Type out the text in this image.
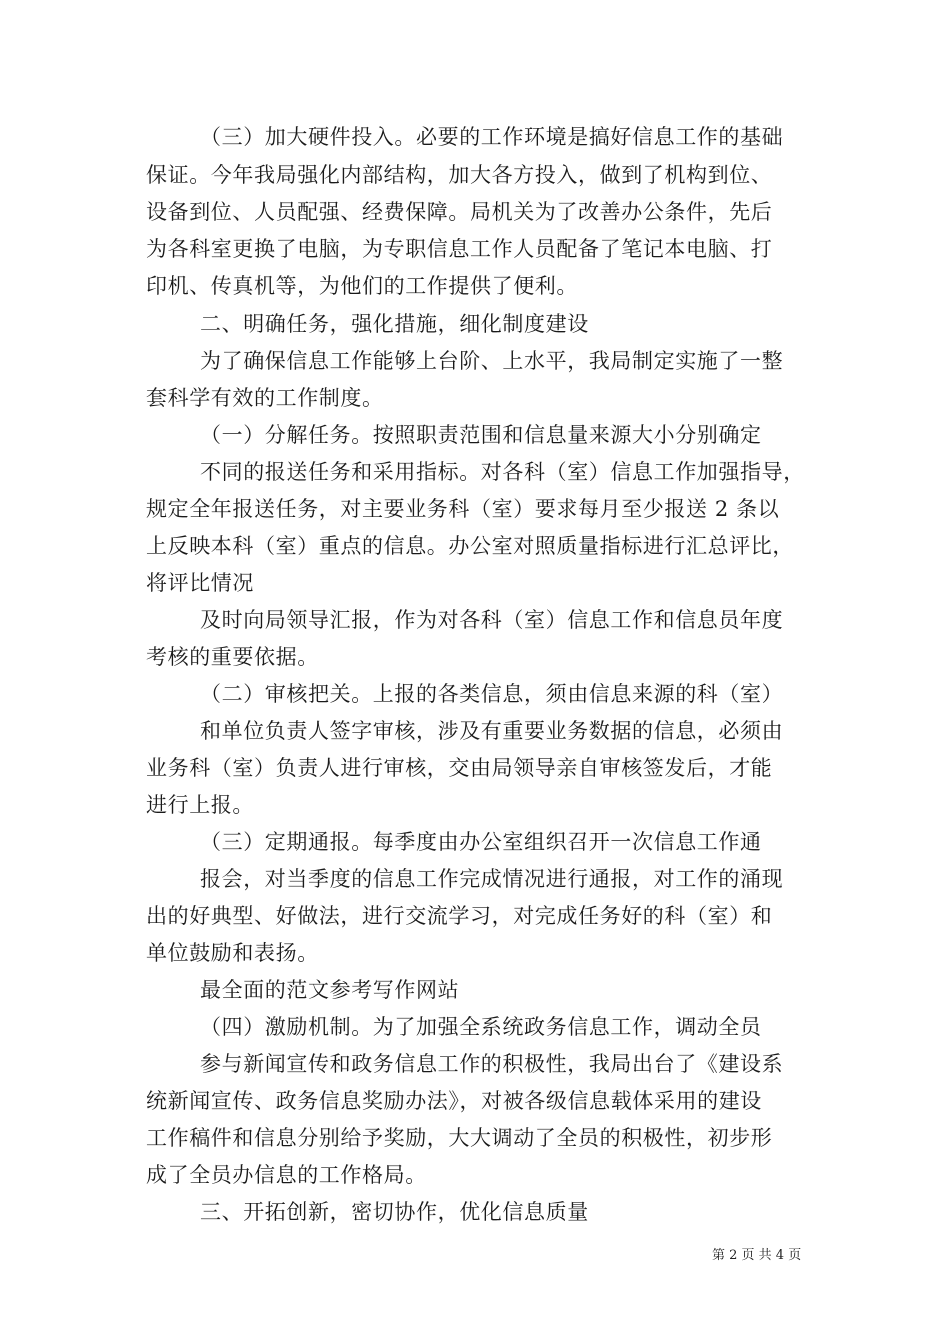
（三）加大硬件投入。必要的工作环境是搞好信息工作的基础
保证。今年我局强化内部结构，加大各方投入，做到了机构到位、
设备到位、人员配强、经费保障。局机关为了改善办公条件，先后
为各科室更换了电脑，为专职信息工作人员配备了笔记本电脑、打
印机、传真机等，为他们的工作提供了便利。
二、明确任务，强化措施，细化制度建设
为了确保信息工作能够上台阶、上水平，我局制定实施了一整
套科学有效的工作制度。
（一）分解任务。按照职责范围和信息量来源大小分别确定
不同的报送任务和采用指标。对各科（室）信息工作加强指导，
规定全年报送任务，对主要业务科（室）要求每月至少报送 2 条以
上反映本科（室）重点的信息。办公室对照质量指标进行汇总评比，
将评比情况
及时向局领导汇报，作为对各科（室）信息工作和信息员年度
考核的重要依据。
（二）审核把关。上报的各类信息，须由信息来源的科（室）
和单位负责人签字审核，涉及有重要业务数据的信息，必须由
业务科（室）负责人进行审核，交由局领导亲自审核签发后，才能
进行上报。
（三）定期通报。每季度由办公室组织召开一次信息工作通
报会，对当季度的信息工作完成情况进行通报，对工作的涌现
出的好典型、好做法，进行交流学习，对完成任务好的科（室）和
单位鼓励和表扬。
最全面的范文参考写作网站
（四）激励机制。为了加强全系统政务信息工作，调动全员
参与新闻宣传和政务信息工作的积极性，我局出台了《建设系
统新闻宣传、政务信息奖励办法》，对被各级信息载体采用的建设
工作稿件和信息分别给予奖励，大大调动了全员的积极性，初步形
成了全员办信息的工作格局。
三、开拓创新，密切协作，优化信息质量
第 2 页 共 4 页
